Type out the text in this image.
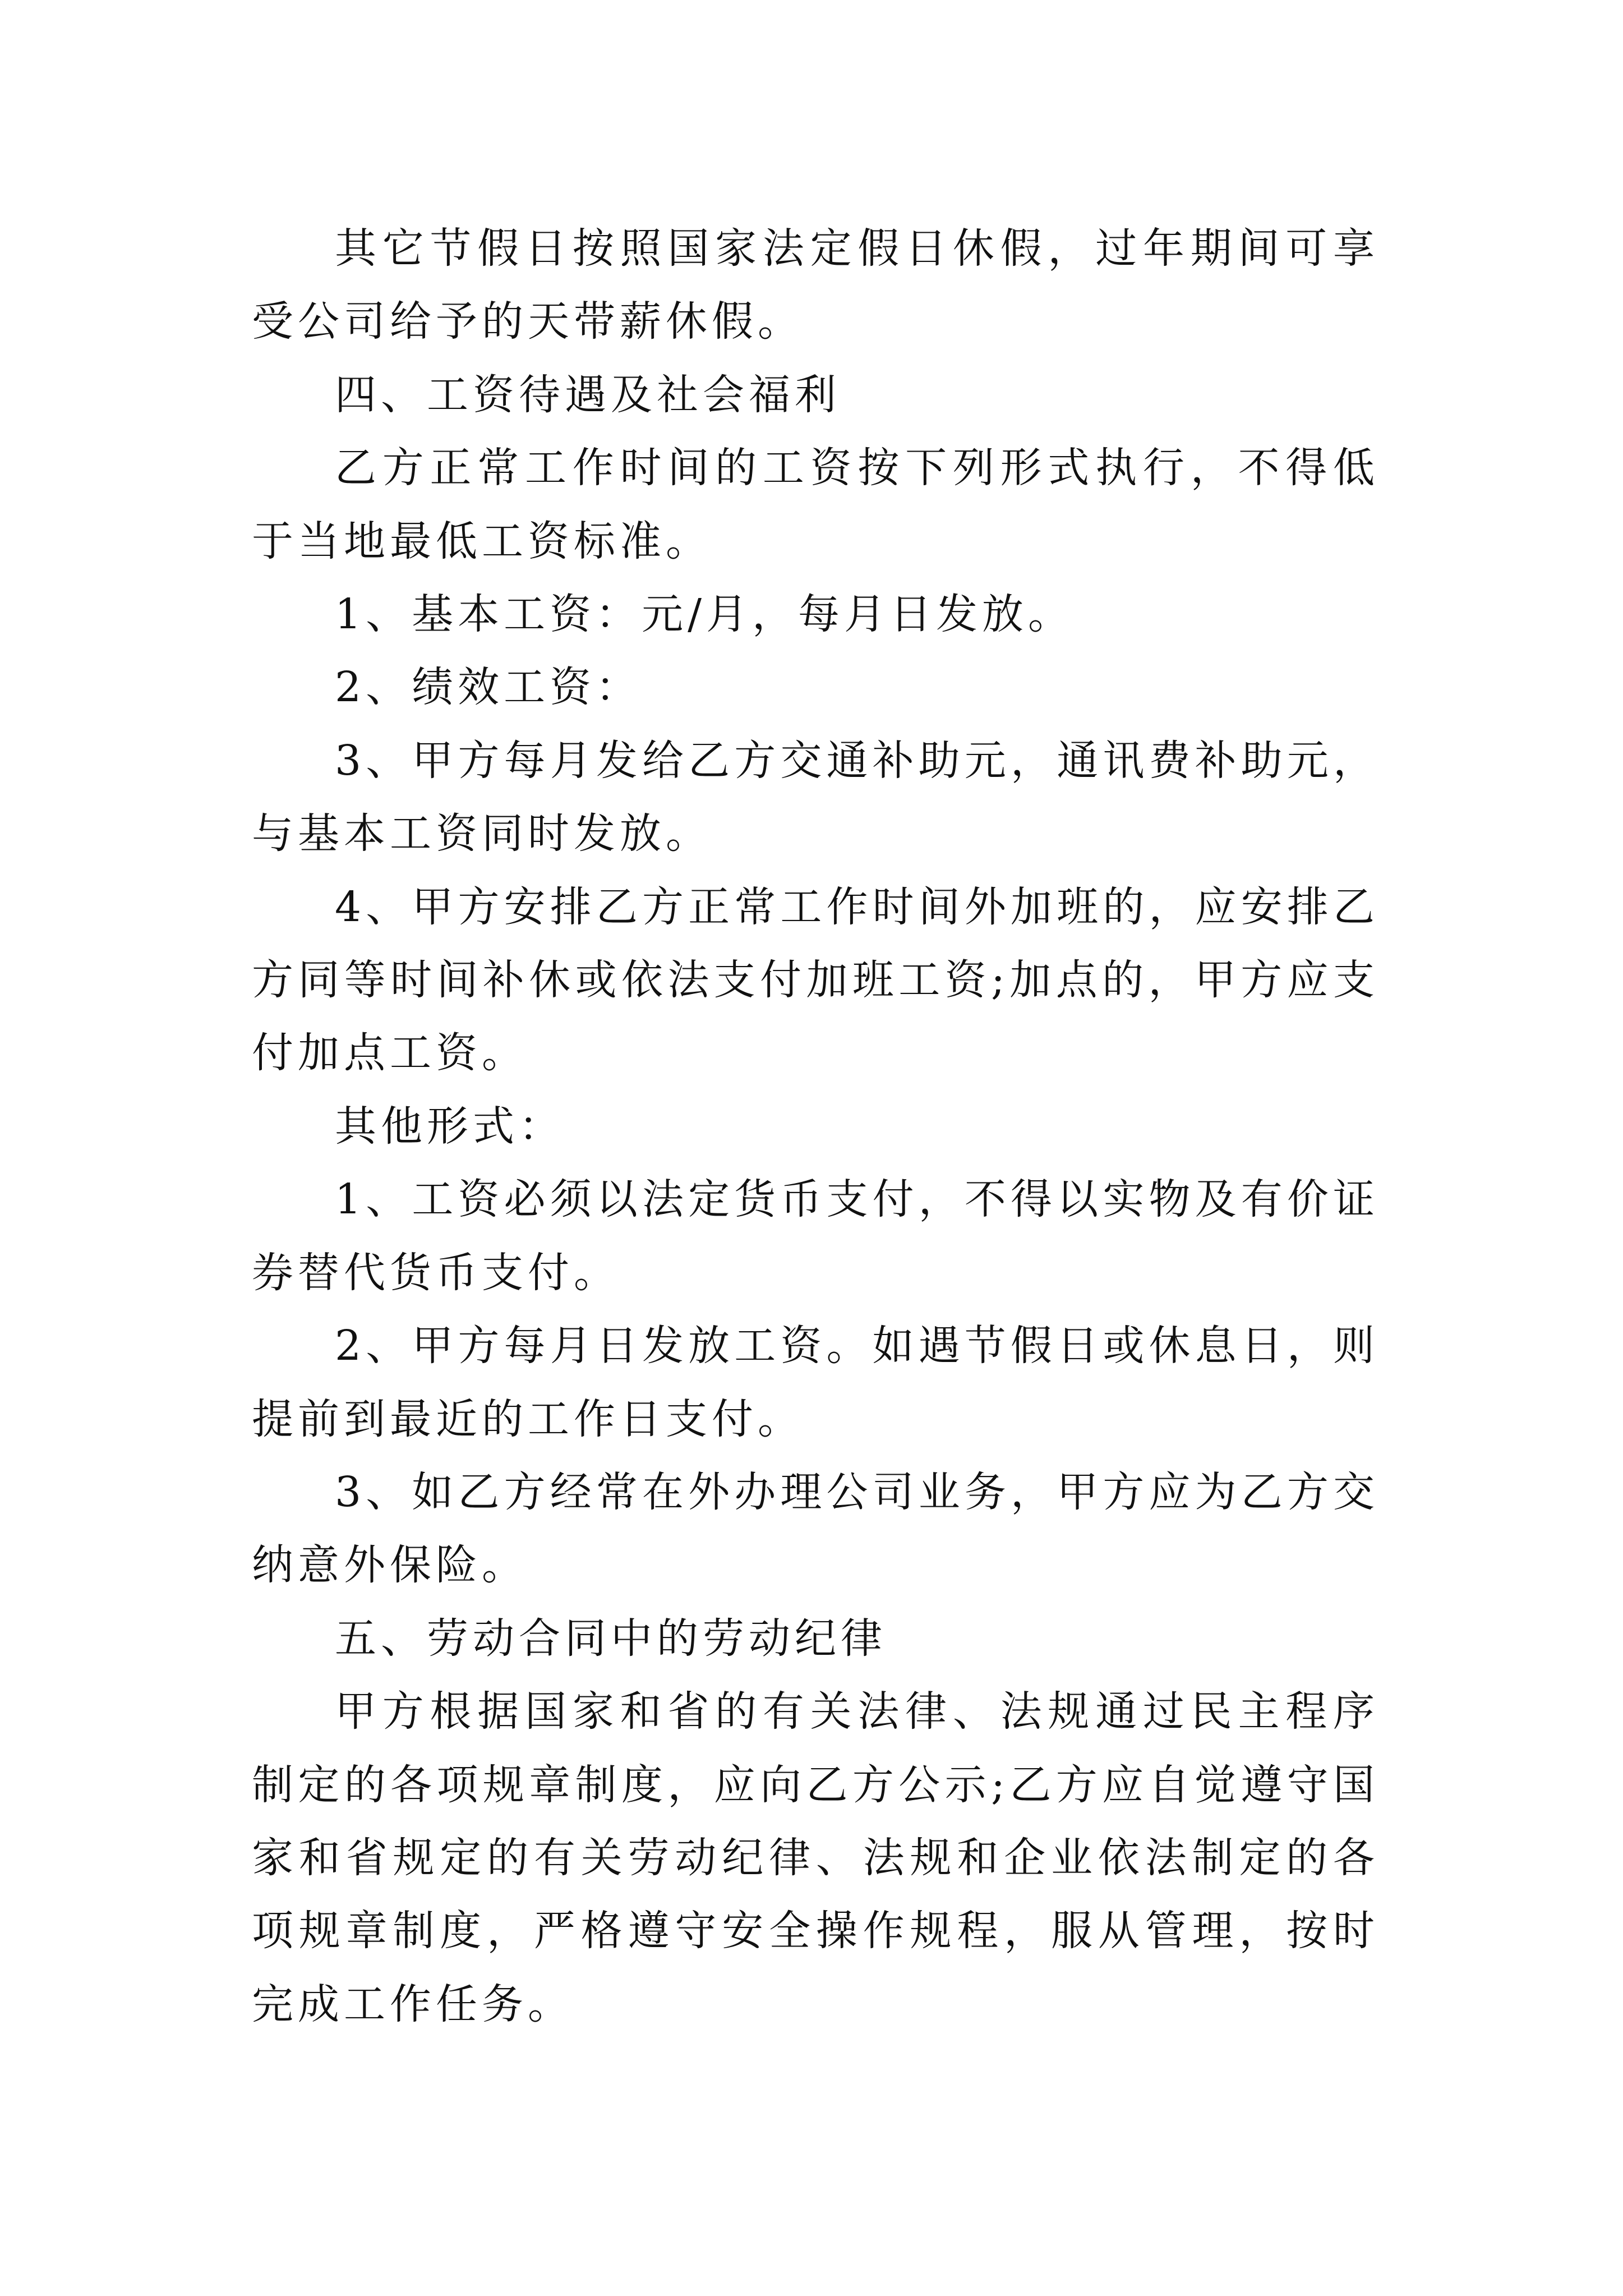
其它节假日按照国家法定假日休假，过年期间可享受公司给予的天带薪休假。

四、工资待遇及社会福利

乙方正常工作时间的工资按下列形式执行，不得低于当地最低工资标准。

1、基本工资：元/月，每月日发放。

2、绩效工资：

3、甲方每月发给乙方交通补助元，通讯费补助元，与基本工资同时发放。

4、甲方安排乙方正常工作时间外加班的，应安排乙方同等时间补休或依法支付加班工资;加点的，甲方应支付加点工资。

其他形式：

1、工资必须以法定货币支付，不得以实物及有价证券替代货币支付。

2、甲方每月日发放工资。如遇节假日或休息日，则提前到最近的工作日支付。

3、如乙方经常在外办理公司业务，甲方应为乙方交纳意外保险。

五、劳动合同中的劳动纪律

甲方根据国家和省的有关法律、法规通过民主程序制定的各项规章制度，应向乙方公示;乙方应自觉遵守国家和省规定的有关劳动纪律、法规和企业依法制定的各项规章制度，严格遵守安全操作规程，服从管理，按时完成工作任务。
